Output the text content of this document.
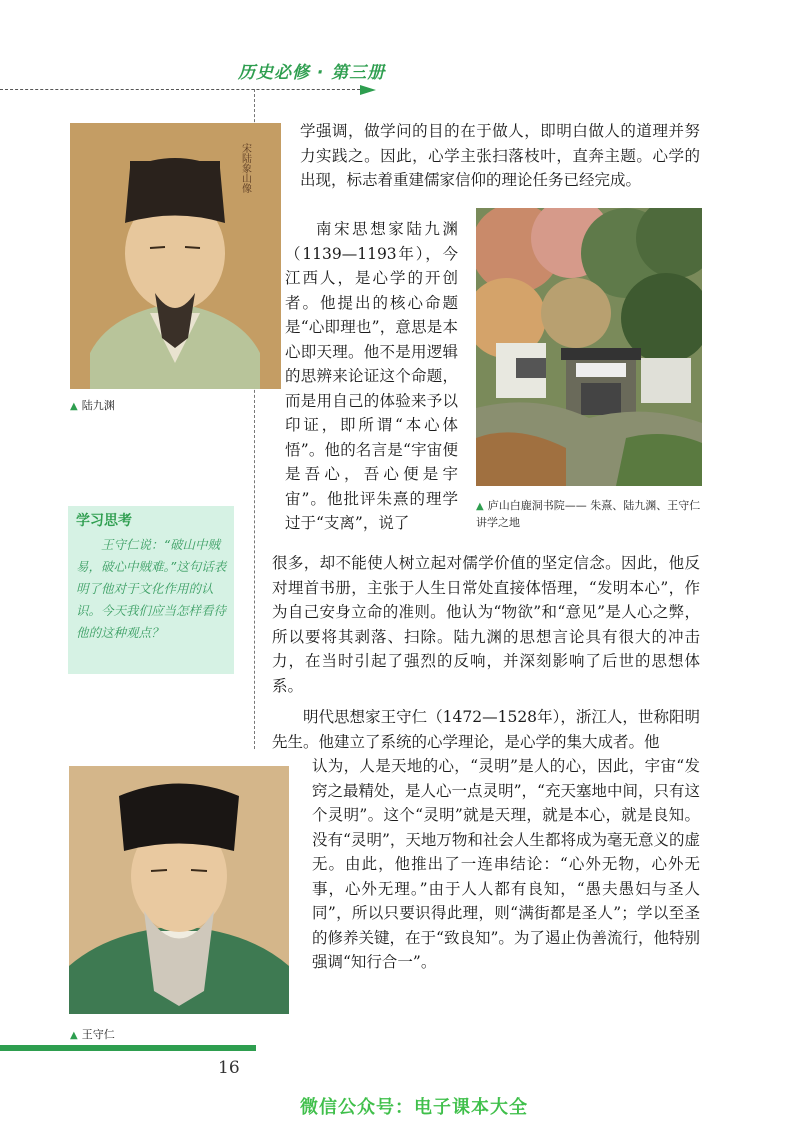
历史必修 · 第三册
宋陆象山像
▲ 陆九渊
学习思考

王守仁说：“破山中贼易，破心中贼难。”这句话表明了他对于文化作用的认识。今天我们应当怎样看待他的这种观点？

学强调，做学问的目的在于做人，即明白做人的道理并努力实践之。因此，心学主张扫落枝叶，直奔主题。心学的出现，标志着重建儒家信仰的理论任务已经完成。

南宋思想家陆九渊（1139—1193年），今江西人，是心学的开创者。他提出的核心命题是“心即理也”，意思是本心即天理。他不是用逻辑的思辨来论证这个命题，而是用自己的体验来予以印证，即所谓“本心体悟”。他的名言是“宇宙便是吾心，吾心便是宇宙”。他批评朱熹的理学过于“支离”，说了

▲ 庐山白鹿洞书院—— 朱熹、陆九渊、王守仁讲学之地

很多，却不能使人树立起对儒学价值的坚定信念。因此，他反对埋首书册，主张于人生日常处直接体悟理，“发明本心”，作为自己安身立命的准则。他认为“物欲”和“意见”是人心之弊，所以要将其剥落、扫除。陆九渊的思想言论具有很大的冲击力，在当时引起了强烈的反响，并深刻影响了后世的思想体系。

明代思想家王守仁（1472—1528年），浙江人，世称阳明先生。他建立了系统的心学理论，是心学的集大成者。他

▲ 王守仁

认为，人是天地的心，“灵明”是人的心，因此，宇宙“发窍之最精处，是人心一点灵明”，“充天塞地中间，只有这个灵明”。这个“灵明”就是天理，就是本心，就是良知。没有“灵明”，天地万物和社会人生都将成为毫无意义的虚无。由此，他推出了一连串结论：“心外无物，心外无事，心外无理。”由于人人都有良知，“愚夫愚妇与圣人同”，所以只要识得此理，则“满街都是圣人”；学以至圣的修养关键，在于“致良知”。为了遏止伪善流行，他特别强调“知行合一”。

16
微信公众号：电子课本大全
